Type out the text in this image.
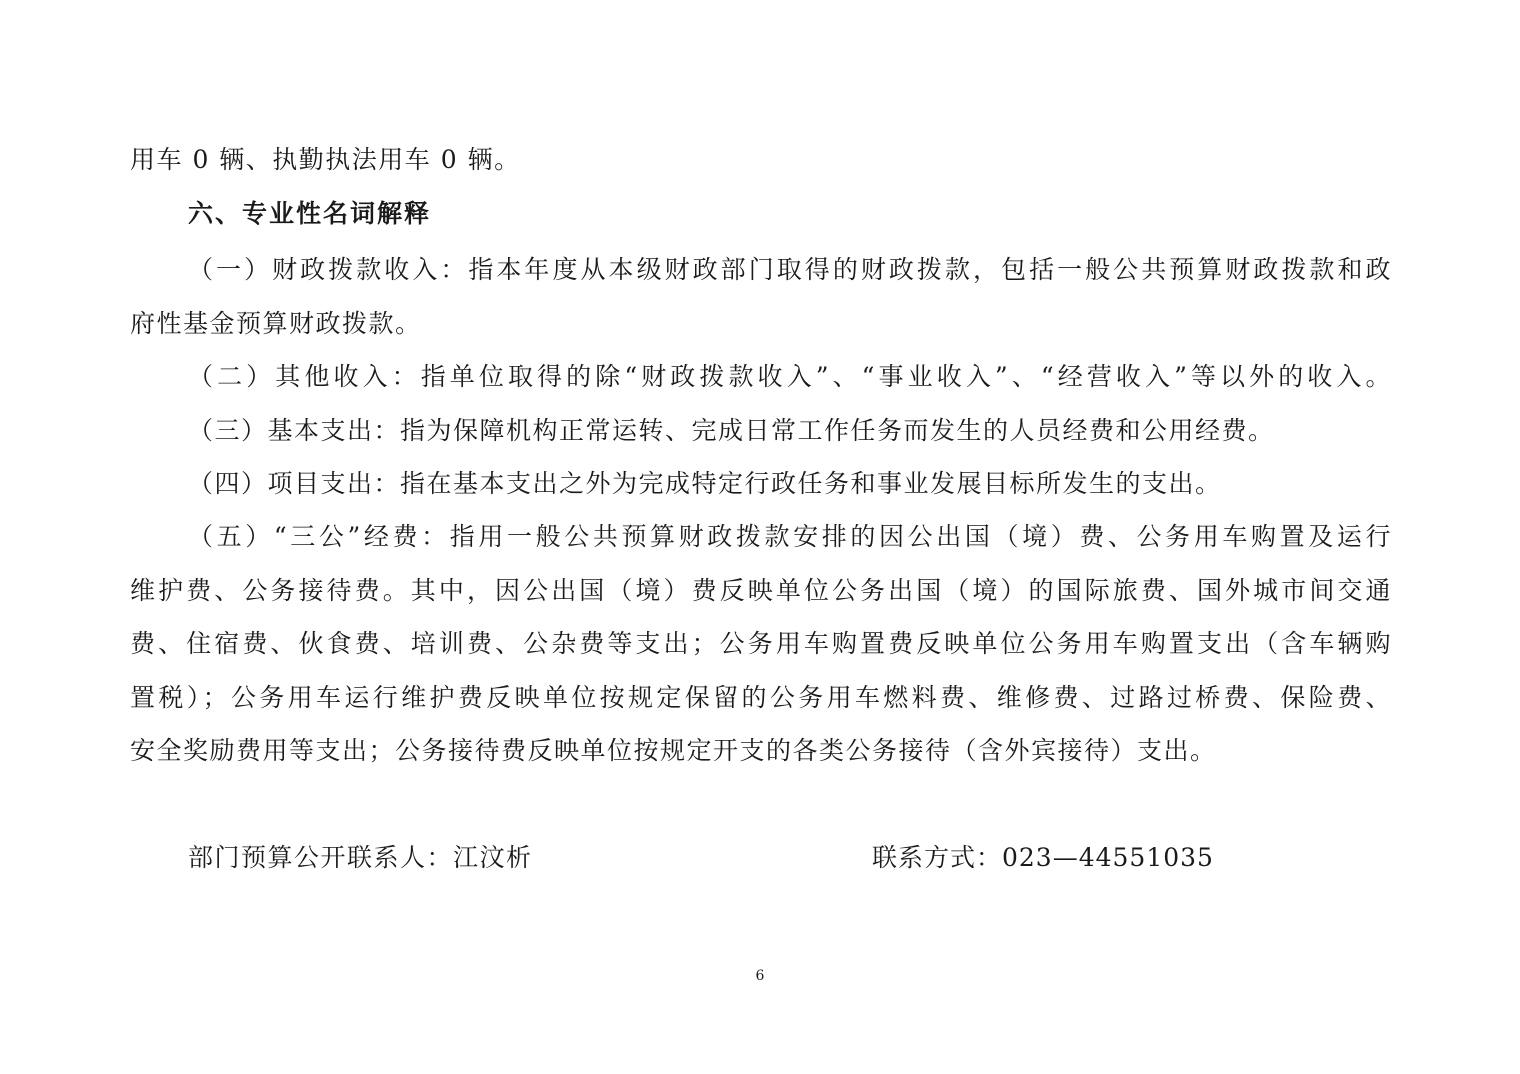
用车 0 辆、执勤执法用车 0 辆。
六、专业性名词解释
（一）财政拨款收入：指本年度从本级财政部门取得的财政拨款，包括一般公共预算财政拨款和政
府性基金预算财政拨款。
（二）其他收入：指单位取得的除“财政拨款收入”、“事业收入”、“经营收入”等以外的收入。
（三）基本支出：指为保障机构正常运转、完成日常工作任务而发生的人员经费和公用经费。
（四）项目支出：指在基本支出之外为完成特定行政任务和事业发展目标所发生的支出。
（五）“三公”经费：指用一般公共预算财政拨款安排的因公出国（境）费、公务用车购置及运行
维护费、公务接待费。其中，因公出国（境）费反映单位公务出国（境）的国际旅费、国外城市间交通
费、住宿费、伙食费、培训费、公杂费等支出；公务用车购置费反映单位公务用车购置支出（含车辆购
置税）；公务用车运行维护费反映单位按规定保留的公务用车燃料费、维修费、过路过桥费、保险费、
安全奖励费用等支出；公务接待费反映单位按规定开支的各类公务接待（含外宾接待）支出。
部门预算公开联系人：江汶析	联系方式：023—44551035
6
